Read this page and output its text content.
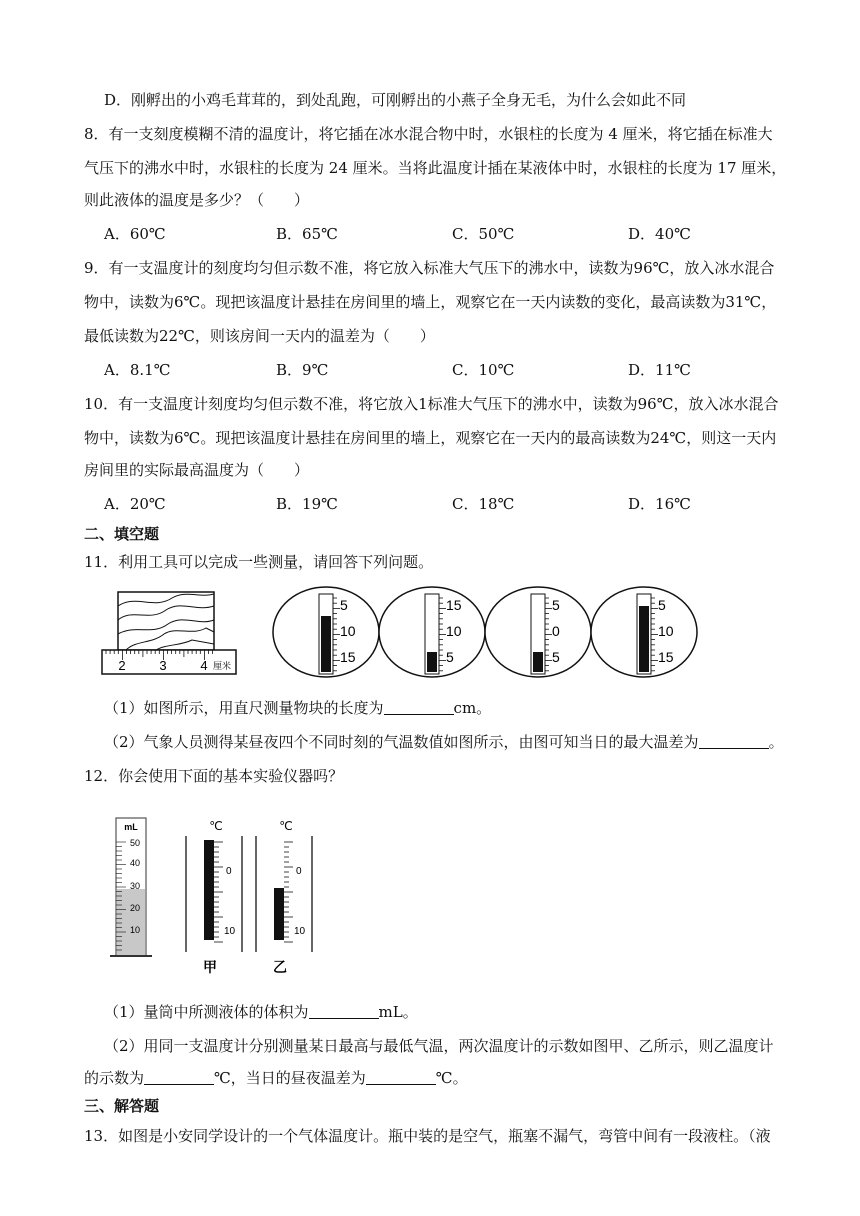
D．刚孵出的小鸡毛茸茸的，到处乱跑，可刚孵出的小燕子全身无毛，为什么会如此不同
8．有一支刻度模糊不清的温度计，将它插在冰水混合物中时，水银柱的长度为 4 厘米，将它插在标准大
气压下的沸水中时，水银柱的长度为 24 厘米。当将此温度计插在某液体中时，水银柱的长度为 17 厘米，
则此液体的温度是多少？（　　）
A．60℃	B．65℃	C．50℃	D．40℃
9．有一支温度计的刻度均匀但示数不准，将它放入标准大气压下的沸水中，读数为96℃，放入冰水混合
物中，读数为6℃。现把该温度计悬挂在房间里的墙上，观察它在一天内读数的变化，最高读数为31℃，
最低读数为22℃，则该房间一天内的温差为（　　）
A．8.1℃	B．9℃	C．10℃	D．11℃
10．有一支温度计刻度均匀但示数不准，将它放入1标准大气压下的沸水中，读数为96℃，放入冰水混合
物中，读数为6℃。现把该温度计悬挂在房间里的墙上，观察它在一天内的最高读数为24℃，则这一天内
房间里的实际最高温度为（　　）
A．20℃	B．19℃	C．18℃	D．16℃
二、填空题
11．利用工具可以完成一些测量，请回答下列问题。
2	3	4 厘米
5
10
15
15
10
5
5
0
5
5
10
15
（1）如图所示，用直尺测量物块的长度为	cm。
（2）气象人员测得某昼夜四个不同时刻的气温数值如图所示，由图可知当日的最大温差为	。
12．你会使用下面的基本实验仪器吗？
mL
50
40
30
20
10
℃
0
10
甲
℃
0
10
乙
（1）量筒中所测液体的体积为	mL。
（2）用同一支温度计分别测量某日最高与最低气温，两次温度计的示数如图甲、乙所示，则乙温度计
的示数为	℃，当日的昼夜温差为	℃。
三、解答题
13．如图是小安同学设计的一个气体温度计。瓶中装的是空气，瓶塞不漏气，弯管中间有一段液柱。（液
